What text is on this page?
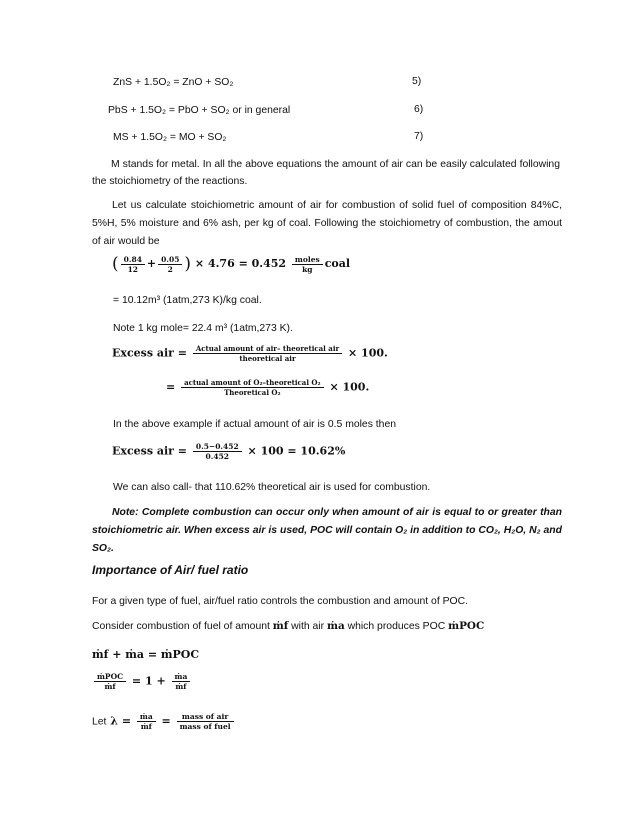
ZnS + 1.5O₂ = ZnO + SO₂	5)
PbS + 1.5O₂ = PbO + SO₂ or in general	6)
MS + 1.5O₂ = MO + SO₂	7)
M stands for metal. In all the above equations the amount of air can be easily calculated following the stoichiometry of the reactions.
Let us calculate stoichiometric amount of air for combustion of solid fuel of composition 84%C, 5%H, 5% moisture and 6% ash, per kg of coal. Following the stoichiometry of combustion, the amout of air would be
( $\frac{0.84}{12} + \frac{0.05}{2}$ ) × $4.76 = 0.452 \frac{\text{moles}}{kg}$ coal
= 10.12m³ (1atm,273 K)/kg coal.
Note 1 kg mole= 22.4 m³ (1atm,273 K).
Excess air = $\frac{\text{Actual amount of air– theoretical air}}{\text{theoretical air}} \times 100$.
= $\frac{\text{actual amount of O₂–theoretical O₂}}{\text{Theoretical O₂}} \times 100$.
In the above example if actual amount of air is 0.5 moles then
Excess air = $\frac{0.5-0.452}{0.452} \times 100 = 10.62\%$
We can also call- that 110.62% theoretical air is used for combustion.
Note: Complete combustion can occur only when amount of air is equal to or greater than stoichiometric air. When excess air is used, POC will contain O₂ in addition to CO₂, H₂O, N₂ and SO₂.
Importance of Air/ fuel ratio
For a given type of fuel, air/fuel ratio controls the combustion and amount of POC.
Consider combustion of fuel of amount ṁf with air ṁa which produces POC ṁPOC
ṁf + ṁa = ṁPOC
$\frac{\text{ṁPOC}}{\text{ṁf}} = 1 + \frac{\text{ṁa}}{\text{ṁf}}$
Let $\lambda = \frac{\text{ṁa}}{\text{ṁf}} = \frac{\text{mass of air}}{\text{mass of fuel}}$
